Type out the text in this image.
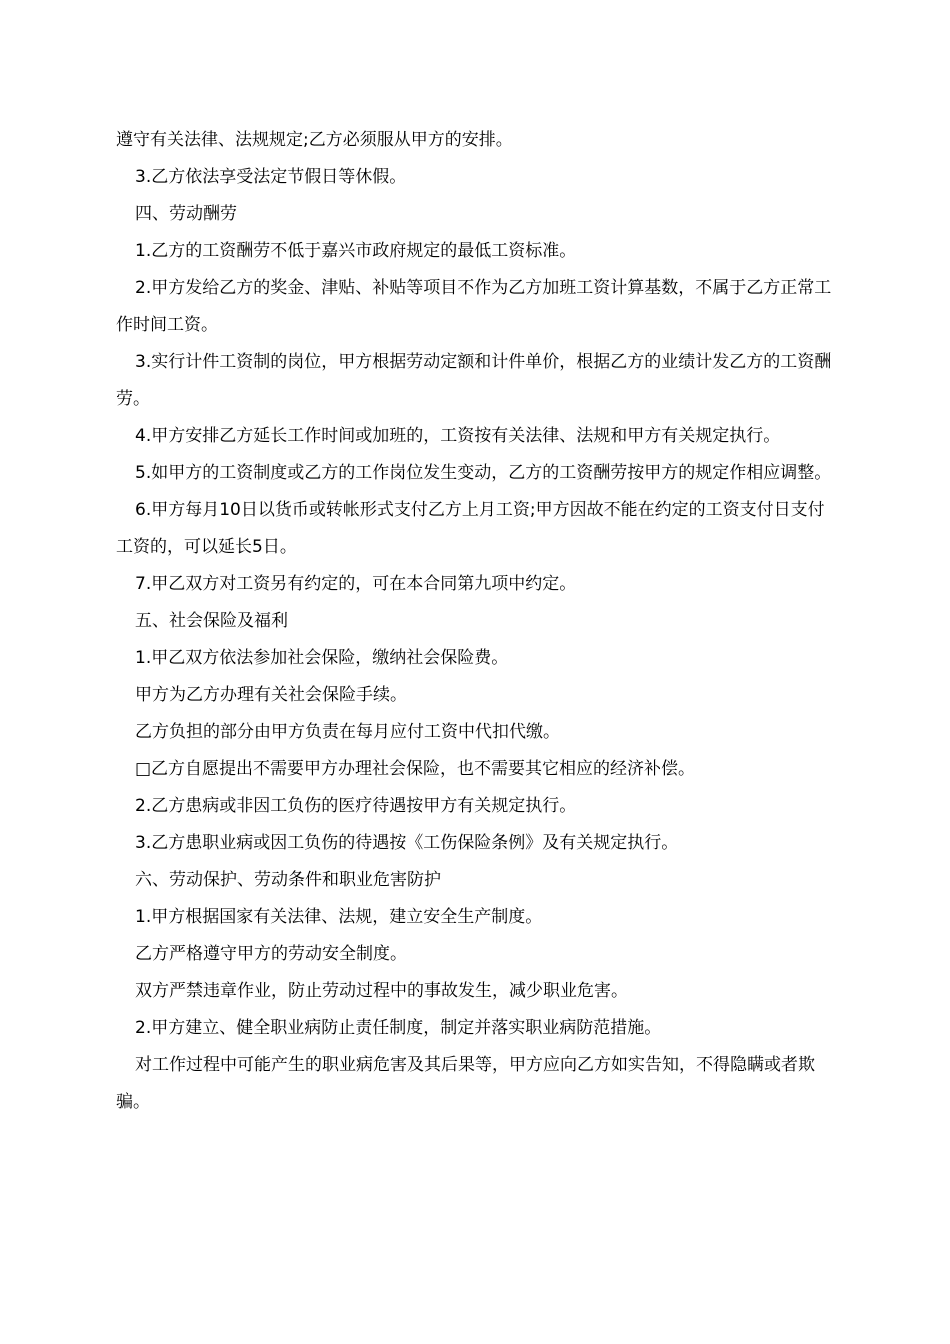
遵守有关法律、法规规定;乙方必须服从甲方的安排。

3.乙方依法享受法定节假日等休假。

四、劳动酬劳

1.乙方的工资酬劳不低于嘉兴市政府规定的最低工资标准。

2.甲方发给乙方的奖金、津贴、补贴等项目不作为乙方加班工资计算基数，不属于乙方正常工作时间工资。

3.实行计件工资制的岗位，甲方根据劳动定额和计件单价，根据乙方的业绩计发乙方的工资酬劳。

4.甲方安排乙方延长工作时间或加班的，工资按有关法律、法规和甲方有关规定执行。

5.如甲方的工资制度或乙方的工作岗位发生变动，乙方的工资酬劳按甲方的规定作相应调整。

6.甲方每月10日以货币或转帐形式支付乙方上月工资;甲方因故不能在约定的工资支付日支付工资的，可以延长5日。

7.甲乙双方对工资另有约定的，可在本合同第九项中约定。

五、社会保险及福利

1.甲乙双方依法参加社会保险，缴纳社会保险费。

甲方为乙方办理有关社会保险手续。

乙方负担的部分由甲方负责在每月应付工资中代扣代缴。

□乙方自愿提出不需要甲方办理社会保险，也不需要其它相应的经济补偿。

2.乙方患病或非因工负伤的医疗待遇按甲方有关规定执行。

3.乙方患职业病或因工负伤的待遇按《工伤保险条例》及有关规定执行。

六、劳动保护、劳动条件和职业危害防护

1.甲方根据国家有关法律、法规，建立安全生产制度。

乙方严格遵守甲方的劳动安全制度。

双方严禁违章作业，防止劳动过程中的事故发生，减少职业危害。

2.甲方建立、健全职业病防止责任制度，制定并落实职业病防范措施。

对工作过程中可能产生的职业病危害及其后果等，甲方应向乙方如实告知，不得隐瞒或者欺骗。
